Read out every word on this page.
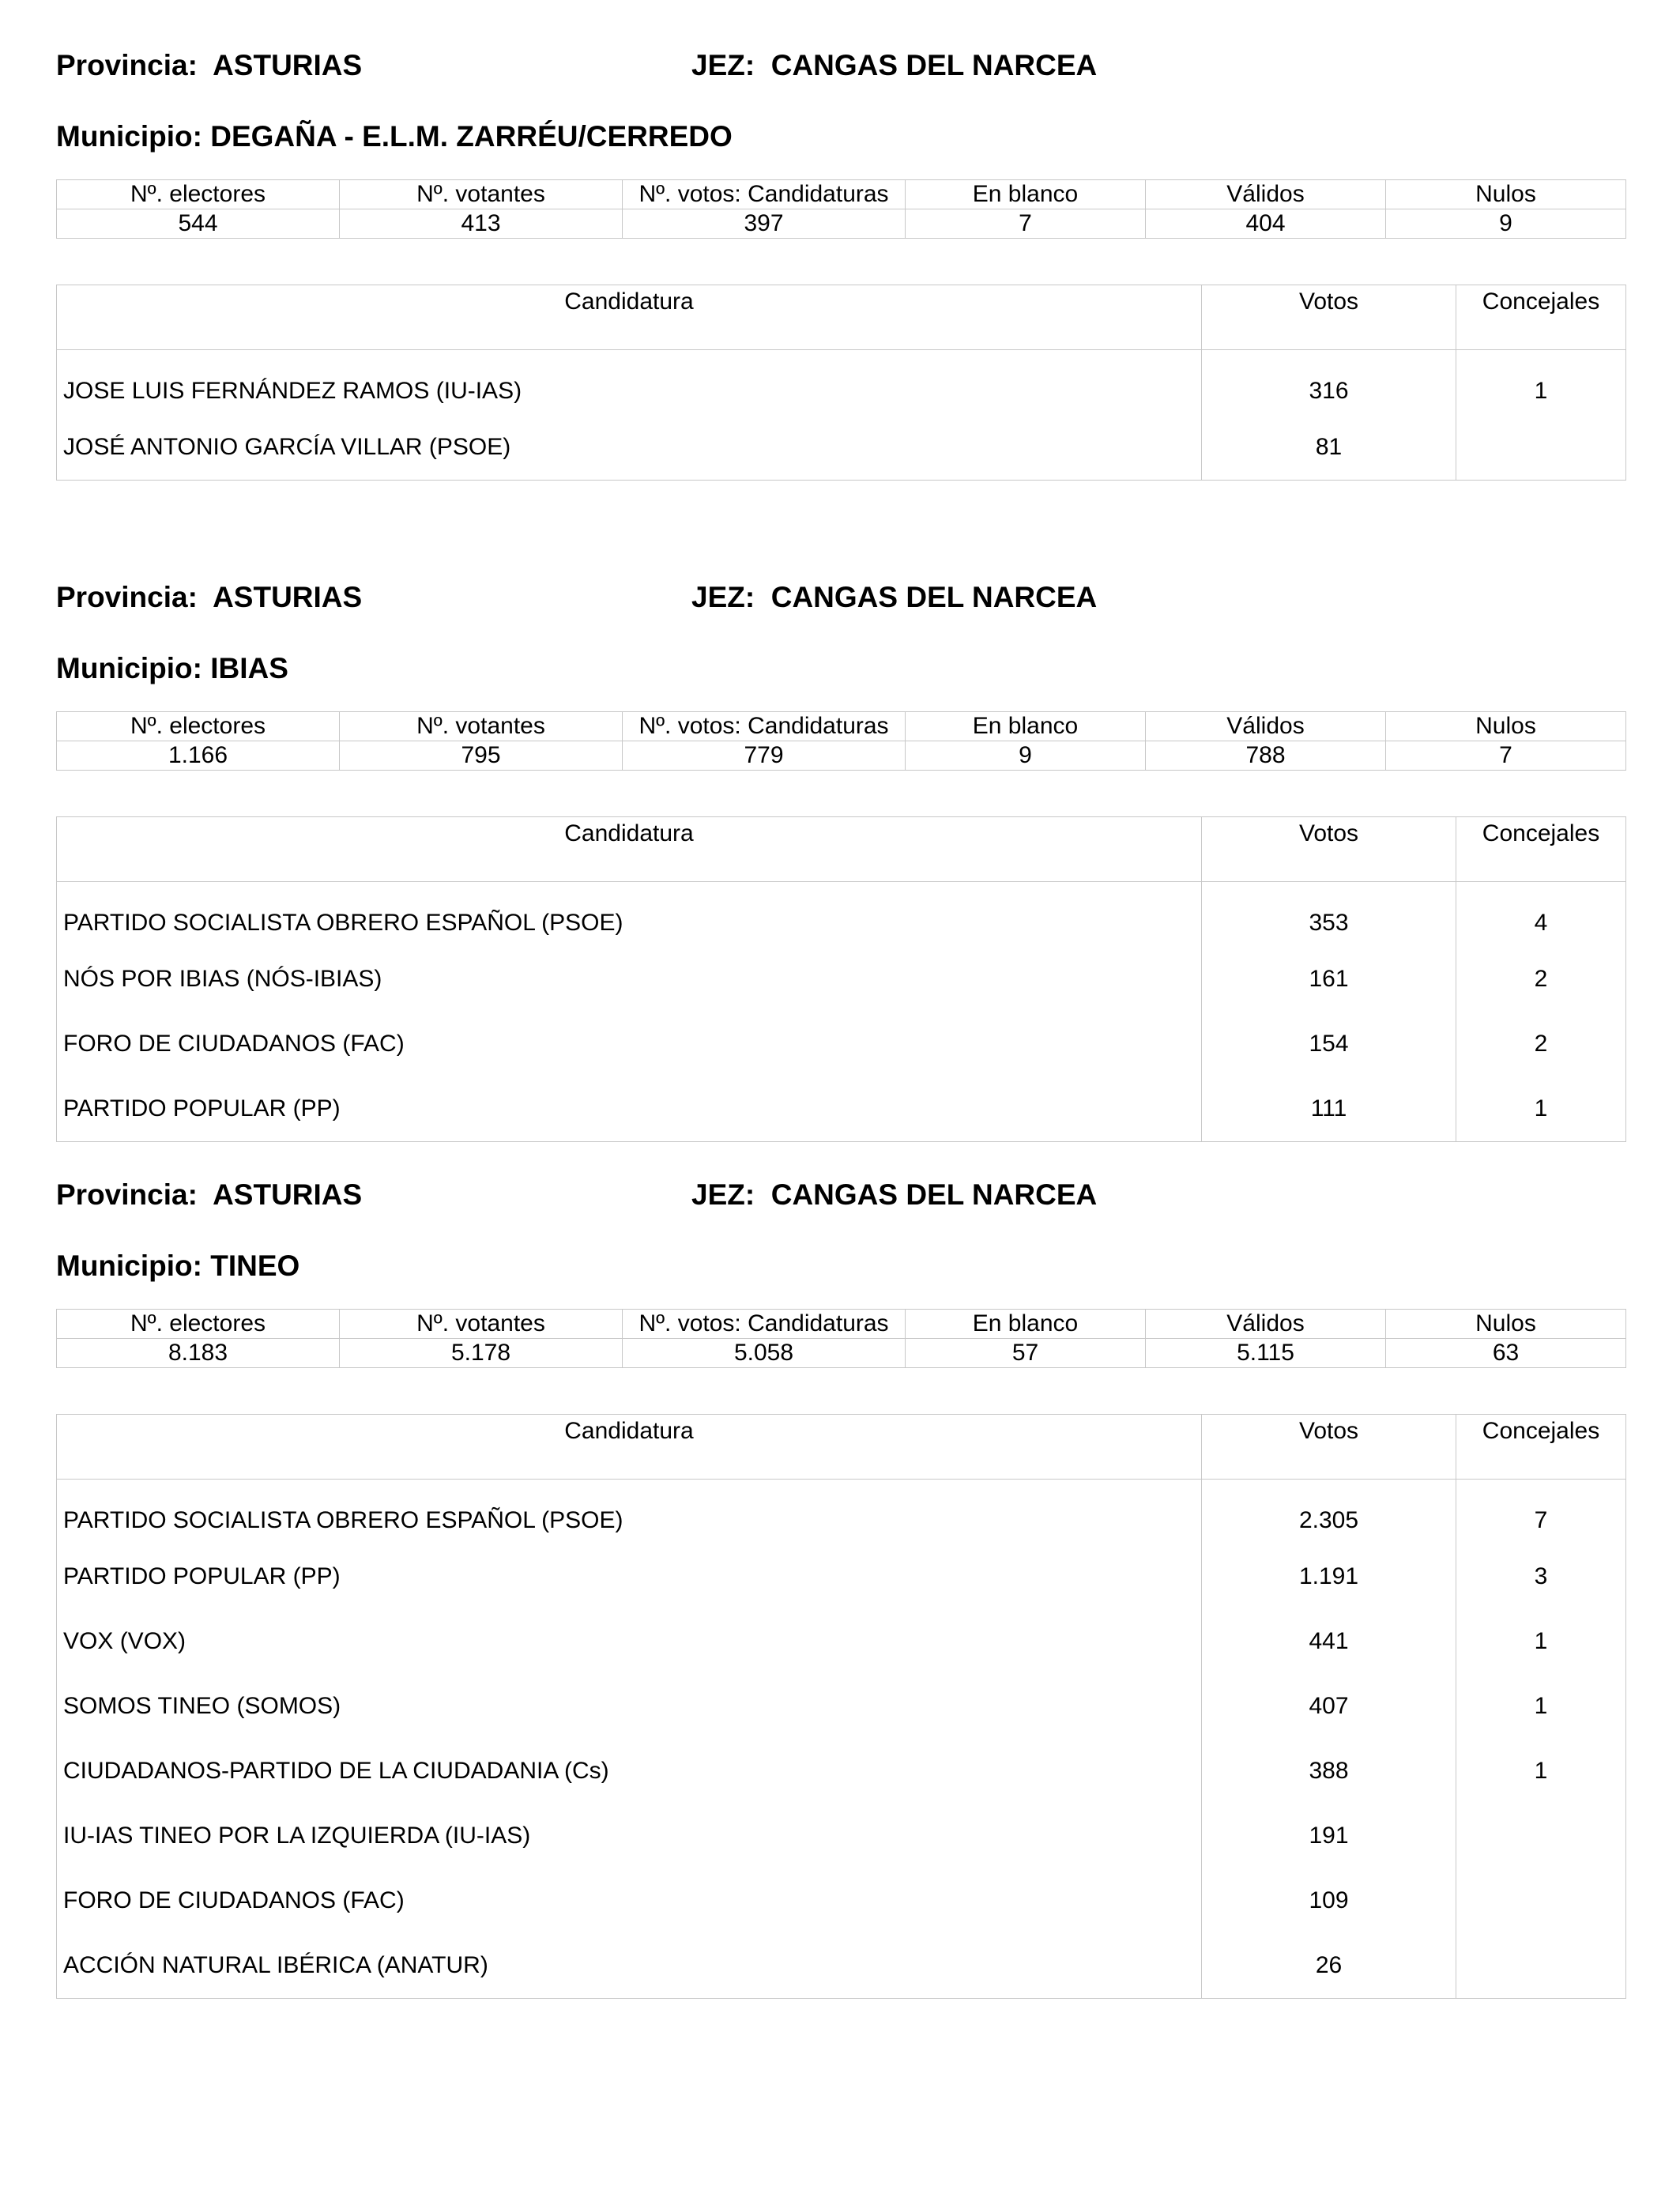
Provincia:  ASTURIAS	JEZ:  CANGAS DEL NARCEA
Municipio: DEGAÑA - E.L.M. ZARRÉU/CERREDO
Nº. electores	Nº. votantes	Nº. votos: Candidaturas	En blanco	Válidos	Nulos
544	413	397	7	404	9
Candidatura	Votos	Concejales
JOSE LUIS FERNÁNDEZ RAMOS (IU-IAS)	316	1
JOSÉ ANTONIO GARCÍA VILLAR (PSOE)	81	
Provincia:  ASTURIAS	JEZ:  CANGAS DEL NARCEA
Municipio: IBIAS
Nº. electores	Nº. votantes	Nº. votos: Candidaturas	En blanco	Válidos	Nulos
1.166	795	779	9	788	7
Candidatura	Votos	Concejales
PARTIDO SOCIALISTA OBRERO ESPAÑOL (PSOE)	353	4
NÓS POR IBIAS (NÓS-IBIAS)	161	2
FORO DE CIUDADANOS (FAC)	154	2
PARTIDO POPULAR (PP)	111	1
Provincia:  ASTURIAS	JEZ:  CANGAS DEL NARCEA
Municipio: TINEO
Nº. electores	Nº. votantes	Nº. votos: Candidaturas	En blanco	Válidos	Nulos
8.183	5.178	5.058	57	5.115	63
Candidatura	Votos	Concejales
PARTIDO SOCIALISTA OBRERO ESPAÑOL (PSOE)	2.305	7
PARTIDO POPULAR (PP)	1.191	3
VOX (VOX)	441	1
SOMOS TINEO (SOMOS)	407	1
CIUDADANOS-PARTIDO DE LA CIUDADANIA (Cs)	388	1
IU-IAS TINEO POR LA IZQUIERDA (IU-IAS)	191	
FORO DE CIUDADANOS (FAC)	109	
ACCIÓN NATURAL IBÉRICA (ANATUR)	26	
